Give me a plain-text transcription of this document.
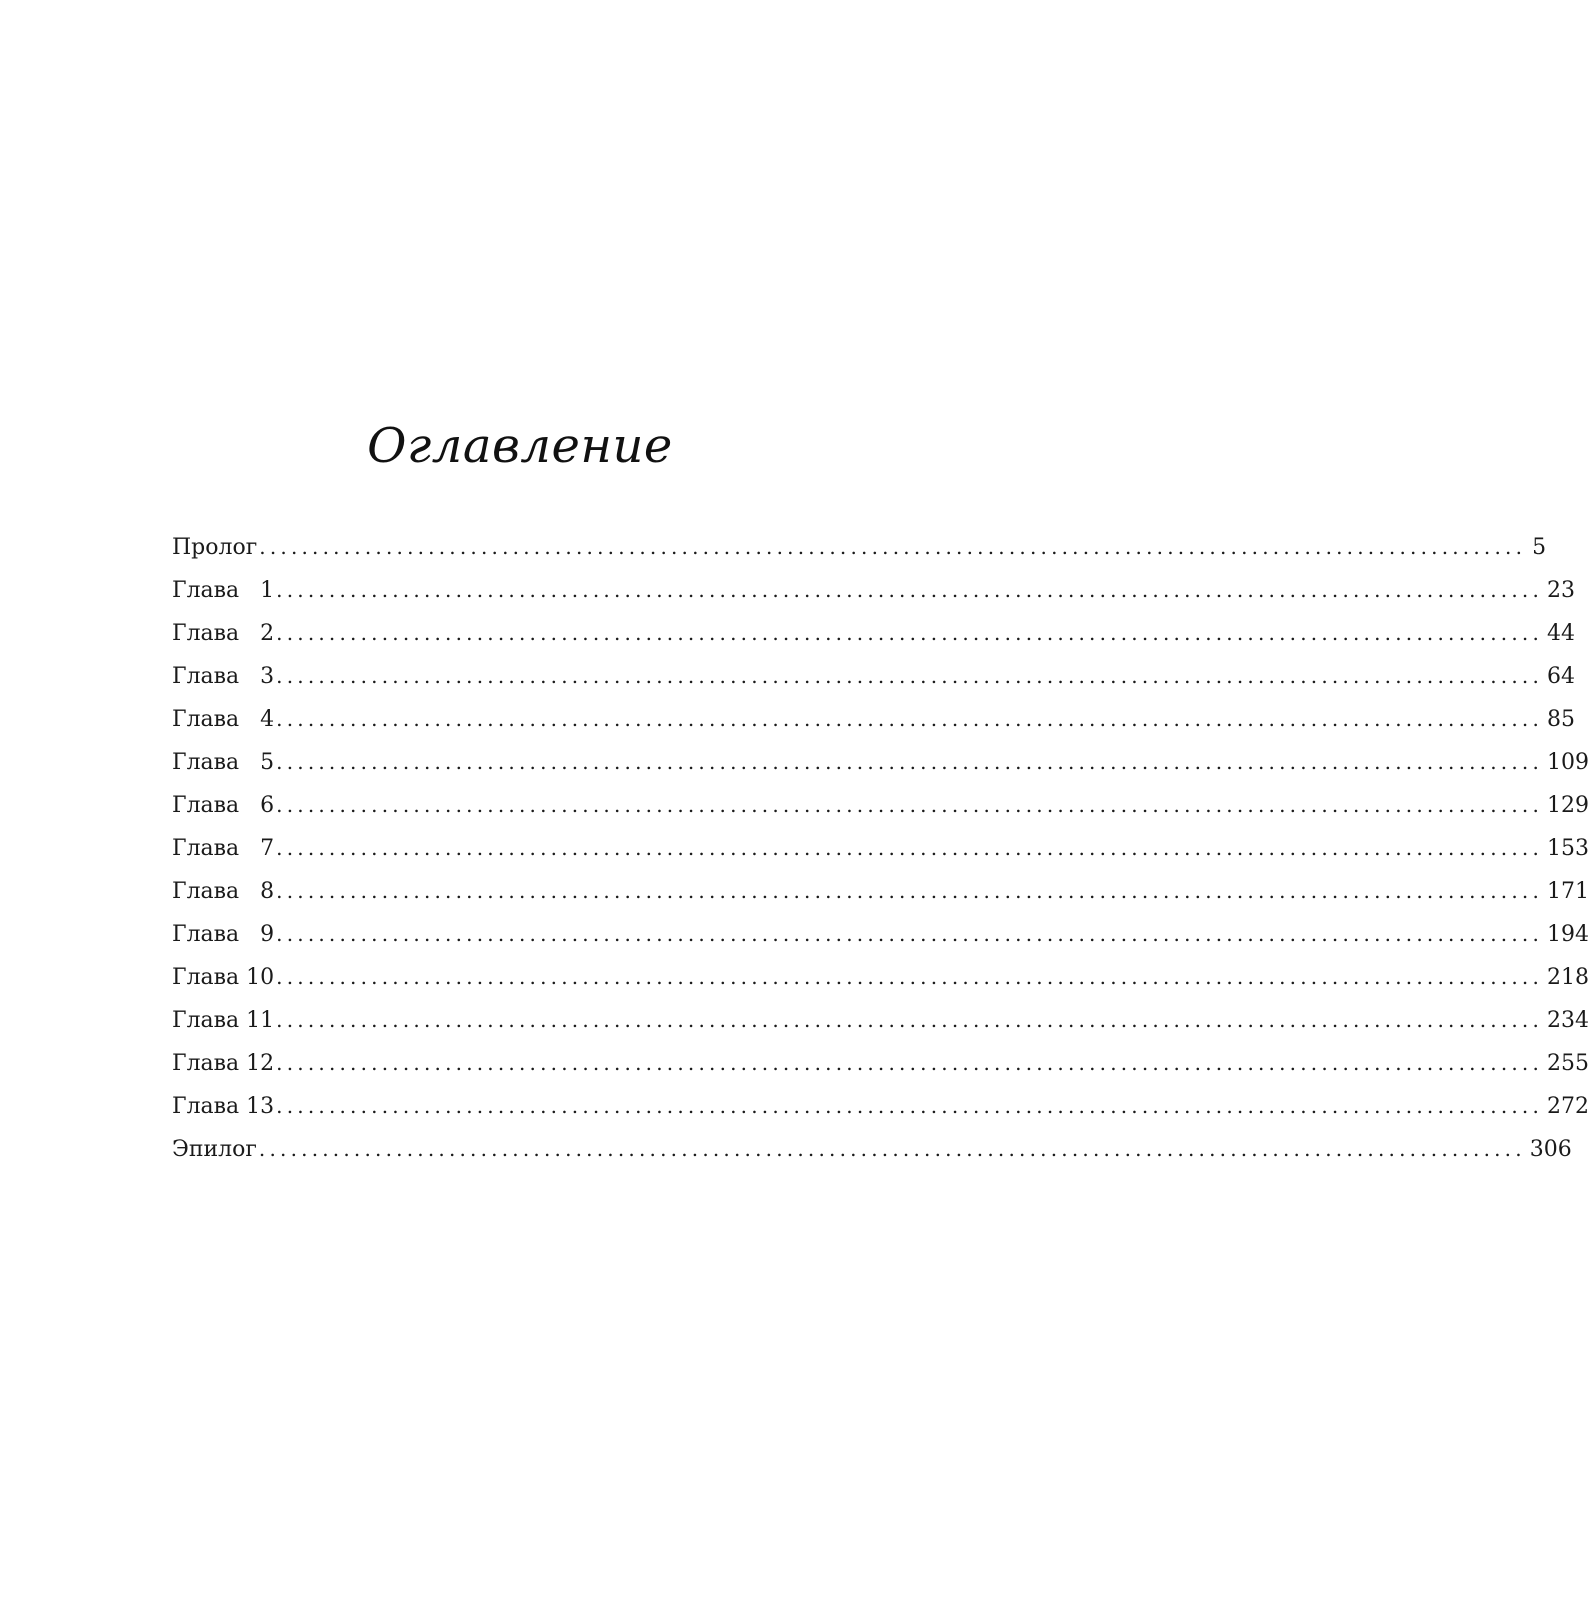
Оглавление
Пролог ........................................................................................................................ 5
Глава   1 ........................................................................................................................ 23
Глава   2 ........................................................................................................................ 44
Глава   3 ........................................................................................................................ 64
Глава   4 ........................................................................................................................ 85
Глава   5 ........................................................................................................................ 109
Глава   6 ........................................................................................................................ 129
Глава   7 ........................................................................................................................ 153
Глава   8 ........................................................................................................................ 171
Глава   9 ........................................................................................................................ 194
Глава 10 ........................................................................................................................ 218
Глава 11 ........................................................................................................................ 234
Глава 12 ........................................................................................................................ 255
Глава 13 ........................................................................................................................ 272
Эпилог ........................................................................................................................ 306
